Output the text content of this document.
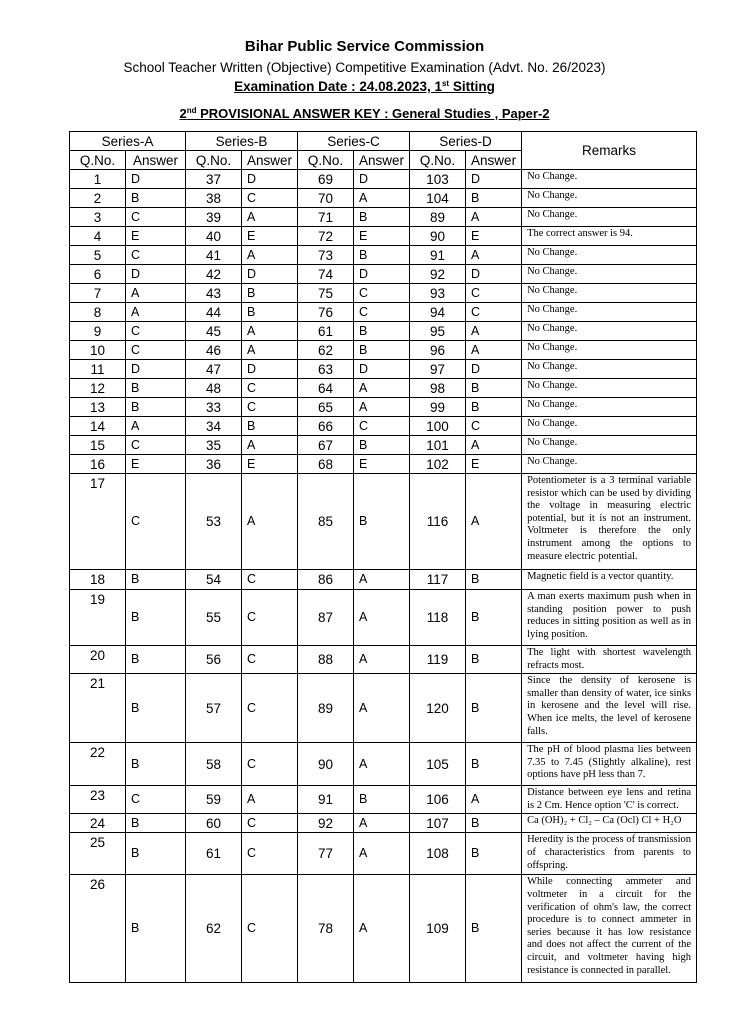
Bihar Public Service Commission
School Teacher Written (Objective) Competitive Examination (Advt. No. 26/2023)
Examination Date : 24.08.2023, 1st Sitting
2nd PROVISIONAL ANSWER KEY : General Studies , Paper-2
Series-A		Series-B		Series-C		Series-D		Remarks
Q.No.	Answer	Q.No.	Answer	Q.No.	Answer	Q.No.	Answer	
1	D	37	D	69	D	103	D	No Change.
2	B	38	C	70	A	104	B	No Change.
3	C	39	A	71	B	89	A	No Change.
4	E	40	E	72	E	90	E	The correct answer is 94.
5	C	41	A	73	B	91	A	No Change.
6	D	42	D	74	D	92	D	No Change.
7	A	43	B	75	C	93	C	No Change.
8	A	44	B	76	C	94	C	No Change.
9	C	45	A	61	B	95	A	No Change.
10	C	46	A	62	B	96	A	No Change.
11	D	47	D	63	D	97	D	No Change.
12	B	48	C	64	A	98	B	No Change.
13	B	33	C	65	A	99	B	No Change.
14	A	34	B	66	C	100	C	No Change.
15	C	35	A	67	B	101	A	No Change.
16	E	36	E	68	E	102	E	No Change.
17	C	53	A	85	B	116	A	Potentiometer is a 3 terminal variable resistor which can be used by dividing the voltage in measuring electric potential, but it is not an instrument. Voltmeter is therefore the only instrument among the options to measure electric potential.
18	B	54	C	86	A	117	B	Magnetic field is a vector quantity.
19	B	55	C	87	A	118	B	A man exerts maximum push when in standing position power to push reduces in sitting position as well as in lying position.
20	B	56	C	88	A	119	B	The light with shortest wavelength refracts most.
21	B	57	C	89	A	120	B	Since the density of kerosene is smaller than density of water, ice sinks in kerosene and the level will rise. When ice melts, the level of kerosene falls.
22	B	58	C	90	A	105	B	The pH of blood plasma lies between 7.35 to 7.45 (Slightly alkaline), rest options have pH less than 7.
23	C	59	A	91	B	106	A	Distance between eye lens and retina is 2 Cm. Hence option 'C' is correct.
24	B	60	C	92	A	107	B	Ca (OH)₂ + Cl₂ – Ca (Ocl) Cl + H₂O
25	B	61	C	77	A	108	B	Heredity is the process of transmission of characteristics from parents to offspring.
26	B	62	C	78	A	109	B	While connecting ammeter and voltmeter in a circuit for the verification of ohm's law, the correct procedure is to connect ammeter in series because it has low resistance and does not affect the current of the circuit, and voltmeter having high resistance is connected in parallel.
